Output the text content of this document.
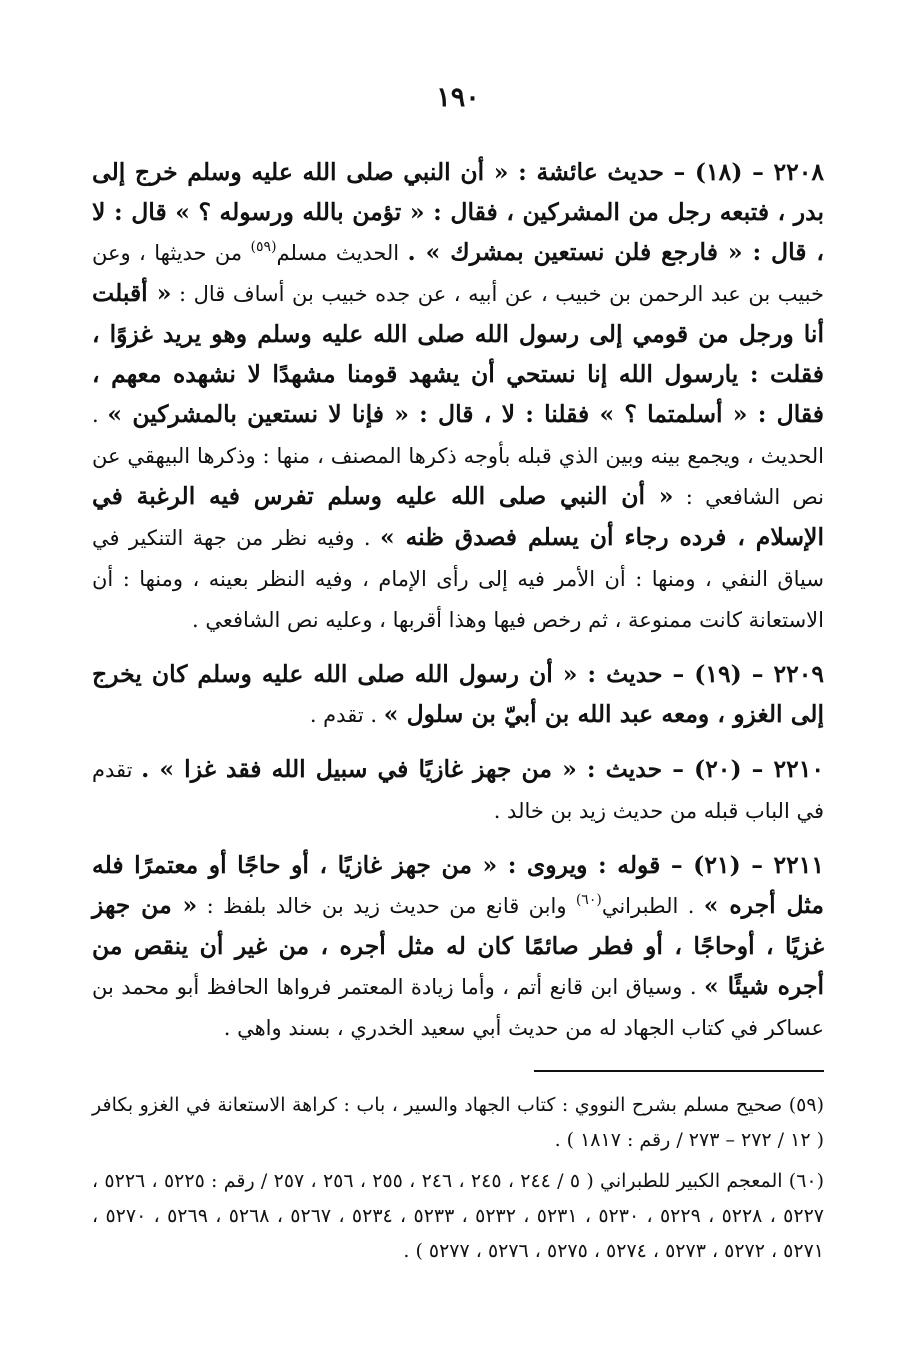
١٩٠

٢٢٠٨ – (١٨) – حديث عائشة : « أن النبي صلى الله عليه وسلم خرج إلى بدر ، فتبعه رجل من المشركين ، فقال : « تؤمن بالله ورسوله ؟ » قال : لا ، قال : « فارجع فلن نستعين بمشرك » . الحديث مسلم$^{(٥٩)}$ من حديثها ، وعن خبيب بن عبد الرحمن بن خبيب ، عن أبيه ، عن جده خبيب بن أساف قال : « أقبلت أنا ورجل من قومي إلى رسول الله صلى الله عليه وسلم وهو يريد غزوًا ، فقلت : يارسول الله إنا نستحي أن يشهد قومنا مشهدًا لا نشهده معهم ، فقال : « أسلمتما ؟ » فقلنا : لا ، قال : « فإنا لا نستعين بالمشركين » . الحديث ، ويجمع بينه وبين الذي قبله بأوجه ذكرها المصنف ، منها : وذكرها البيهقي عن نص الشافعي : « أن النبي صلى الله عليه وسلم تفرس فيه الرغبة في الإسلام ، فرده رجاء أن يسلم فصدق ظنه » . وفيه نظر من جهة التنكير في سياق النفي ، ومنها : أن الأمر فيه إلى رأى الإمام ، وفيه النظر بعينه ، ومنها : أن الاستعانة كانت ممنوعة ، ثم رخص فيها وهذا أقربها ، وعليه نص الشافعي .

٢٢٠٩ – (١٩) – حديث : « أن رسول الله صلى الله عليه وسلم كان يخرج إلى الغزو ، ومعه عبد الله بن أبيّ بن سلول » . تقدم .

٢٢١٠ – (٢٠) – حديث : « من جهز غازيًا في سبيل الله فقد غزا » . تقدم في الباب قبله من حديث زيد بن خالد .

٢٢١١ – (٢١) – قوله : ويروى : « من جهز غازيًا ، أو حاجًا أو معتمرًا فله مثل أجره » . الطبراني$^{(٦٠)}$ وابن قانع من حديث زيد بن خالد بلفظ : « من جهز غزيًا ، أوحاجًا ، أو فطر صائمًا كان له مثل أجره ، من غير أن ينقص من أجره شيئًا » . وسياق ابن قانع أتم ، وأما زيادة المعتمر فرواها الحافظ أبو محمد بن عساكر في كتاب الجهاد له من حديث أبي سعيد الخدري ، بسند واهي .

(٥٩) صحيح مسلم بشرح النووي : كتاب الجهاد والسير ، باب : كراهة الاستعانة في الغزو بكافر ( ١٢ / ٢٧٢ – ٢٧٣ / رقم : ١٨١٧ ) .

(٦٠) المعجم الكبير للطبراني ( ٥ / ٢٤٤ ، ٢٤٥ ، ٢٤٦ ، ٢٥٥ ، ٢٥٦ ، ٢٥٧ / رقم : ٥٢٢٥ ، ٥٢٢٦ ، ٥٢٢٧ ، ٥٢٢٨ ، ٥٢٢٩ ، ٥٢٣٠ ، ٥٢٣١ ، ٥٢٣٢ ، ٥٢٣٣ ، ٥٢٣٤ ، ٥٢٦٧ ، ٥٢٦٨ ، ٥٢٦٩ ، ٥٢٧٠ ، ٥٢٧١ ، ٥٢٧٢ ، ٥٢٧٣ ، ٥٢٧٤ ، ٥٢٧٥ ، ٥٢٧٦ ، ٥٢٧٧ ) .
